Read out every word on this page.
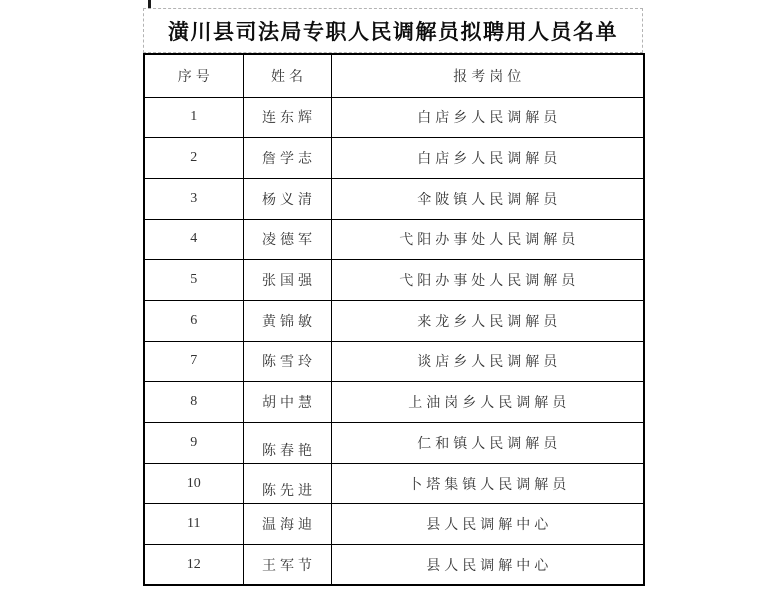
潢川县司法局专职人民调解员拟聘用人员名单
序号	姓名	报考岗位
1	连东辉	白店乡人民调解员
2	詹学志	白店乡人民调解员
3	杨义清	伞陂镇人民调解员
4	凌德军	弋阳办事处人民调解员
5	张国强	弋阳办事处人民调解员
6	黄锦敏	来龙乡人民调解员
7	陈雪玲	谈店乡人民调解员
8	胡中慧	上油岗乡人民调解员
9	陈春艳	仁和镇人民调解员
10	陈先进	卜塔集镇人民调解员
11	温海迪	县人民调解中心
12	王军节	县人民调解中心
